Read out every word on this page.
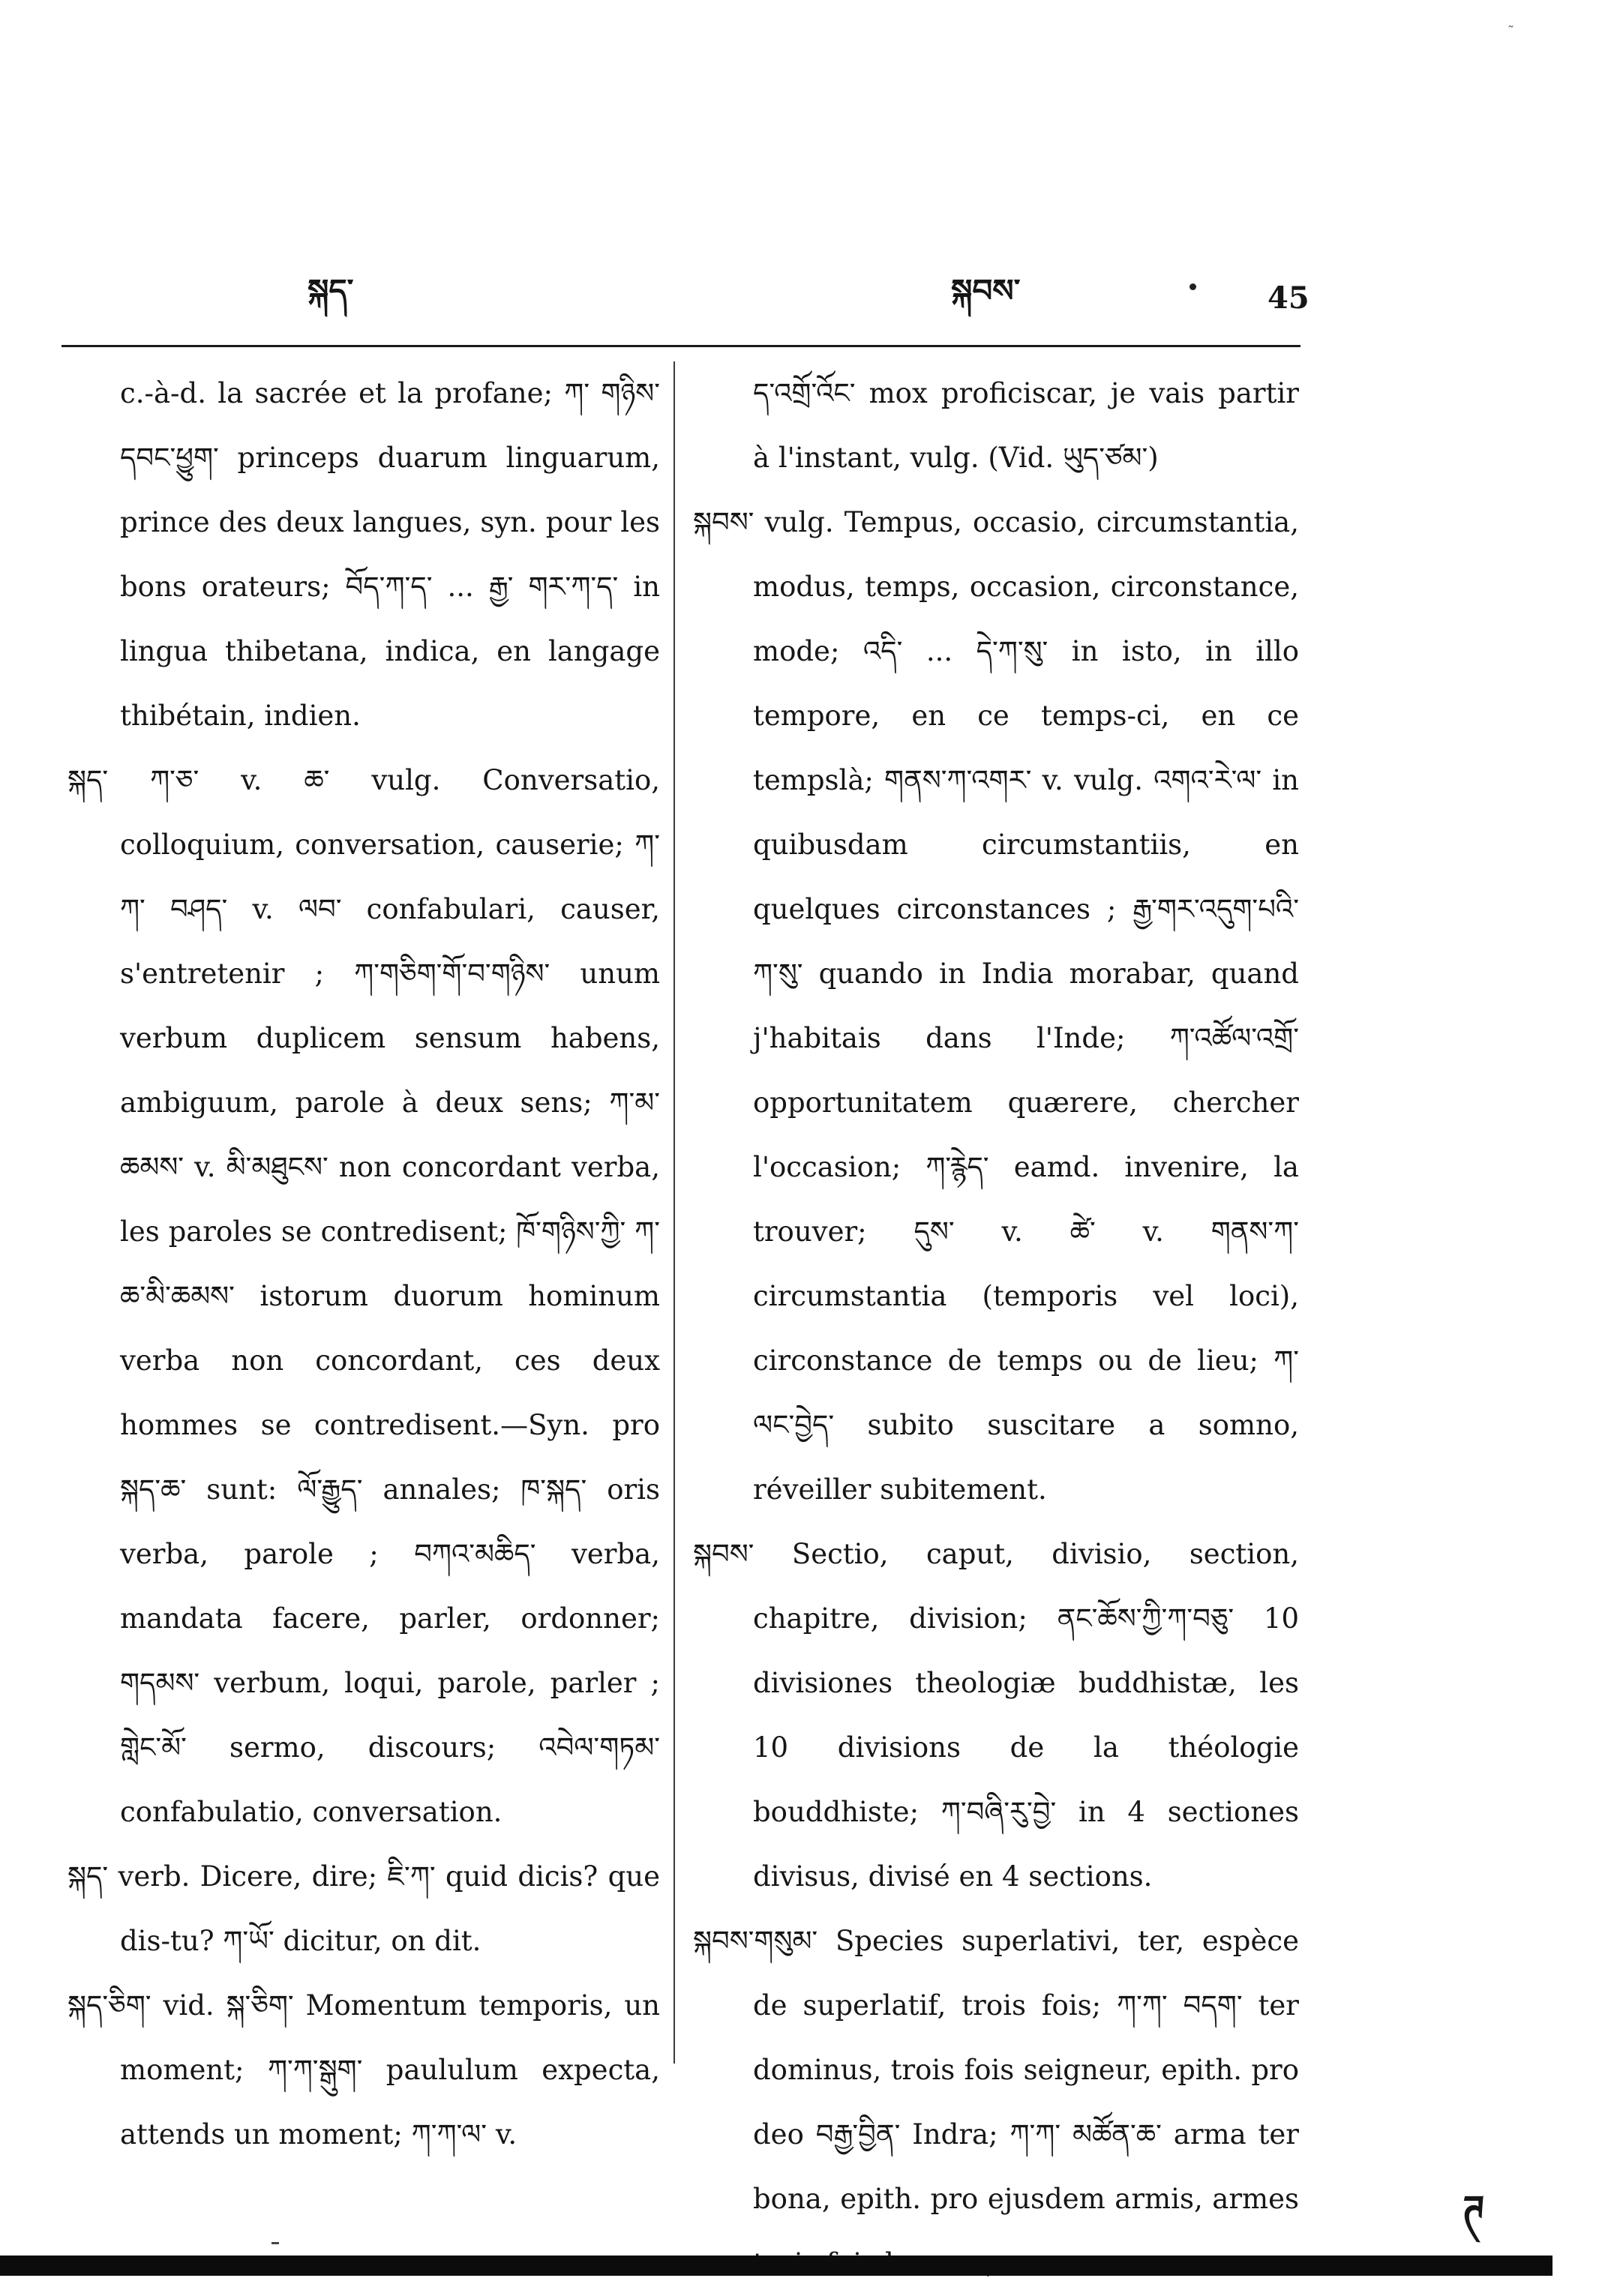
˜
སྐད་	སྐབས་	45

c.-à-d. la sacrée et la profane; ཀ་ གཉིས་དབང་ཕྱུག་ princeps duarum linguarum, prince des deux langues, syn. pour les bons orateurs; བོད་ཀ་ད་ ... རྒྱ་ གར་ཀ་ད་ in lingua thibetana, indica, en langage thibétain, indien.

སྐད་ ཀ་ཅ་ v. ཆ་ vulg. Conversatio, colloquium, conversation, causerie; ཀ་ཀ་ བཤད་ v. ལབ་ confabulari, causer, s'entretenir ; ཀ་གཅིག་གོ་བ་གཉིས་ unum verbum duplicem sensum habens, ambiguum, parole à deux sens; ཀ་མ་ཆམས་ v. མི་མཐུངས་ non concordant verba, les paroles se contredisent; ཁོ་གཉིས་ཀྱི་ ཀ་ཆ་མི་ཆམས་ istorum duorum hominum verba non concordant, ces deux hommes se contredisent.—Syn. pro སྐད་ཆ་ sunt: ལོ་རྒྱུད་ annales; ཁ་སྐད་ oris verba, parole ; བཀའ་མཆིད་ verba, mandata facere, parler, ordonner; གདམས་ verbum, loqui, parole, parler ; གླེང་མོ་ sermo, discours; འབེལ་གཏམ་ confabulatio, conversation.

སྐད་ verb. Dicere, dire; ཇི་ཀ་ quid dicis? que dis-tu? ཀ་ཡོ་ dicitur, on dit.

སྐད་ཅིག་ vid. སྐ་ཅིག་ Momentum temporis, un moment; ཀ་ཀ་སྒུག་ paululum expecta, attends un moment; ཀ་ཀ་ལ་ v.

ད་འགྲོ་འོང་ mox proficiscar, je vais partir à l'instant, vulg. (Vid. ཡུད་ཙམ་)

སྐབས་ vulg. Tempus, occasio, circumstantia, modus, temps, occasion, circonstance, mode; འདི་ ... དེ་ཀ་སུ་ in isto, in illo tempore, en ce temps-ci, en ce tempslà; གནས་ཀ་འགར་ v. vulg. འགའ་རེ་ལ་ in quibusdam circumstantiis, en quelques circonstances ; རྒྱ་གར་འདུག་པའི་ ཀ་སུ་ quando in India morabar, quand j'habitais dans l'Inde; ཀ་འཚོལ་འགྲོ་ opportunitatem quærere, chercher l'occasion; ཀ་རྙེད་ eamd. invenire, la trouver; དུས་ v. ཚེ་ v. གནས་ཀ་ circumstantia (temporis vel loci), circonstance de temps ou de lieu; ཀ་ལང་བྱེད་ subito suscitare a somno, réveiller subitement.

སྐབས་ Sectio, caput, divisio, section, chapitre, division; ནང་ཆོས་ཀྱི་ཀ་བཅུ་ 10 divisiones theologiæ buddhistæ, les 10 divisions de la théologie bouddhiste; ཀ་བཞི་རུ་བྱེ་ in 4 sectiones divisus, divisé en 4 sections.

སྐབས་གསུམ་ Species superlativi, ter, espèce de superlatif, trois fois; ཀ་ཀ་ བདག་ ter dominus, trois fois seigneur, epith. pro deo བརྒྱ་བྱིན་ Indra; ཀ་ཀ་ མཚོན་ཆ་ arma ter bona, epith. pro ejusdem armis, armes	ཊ
